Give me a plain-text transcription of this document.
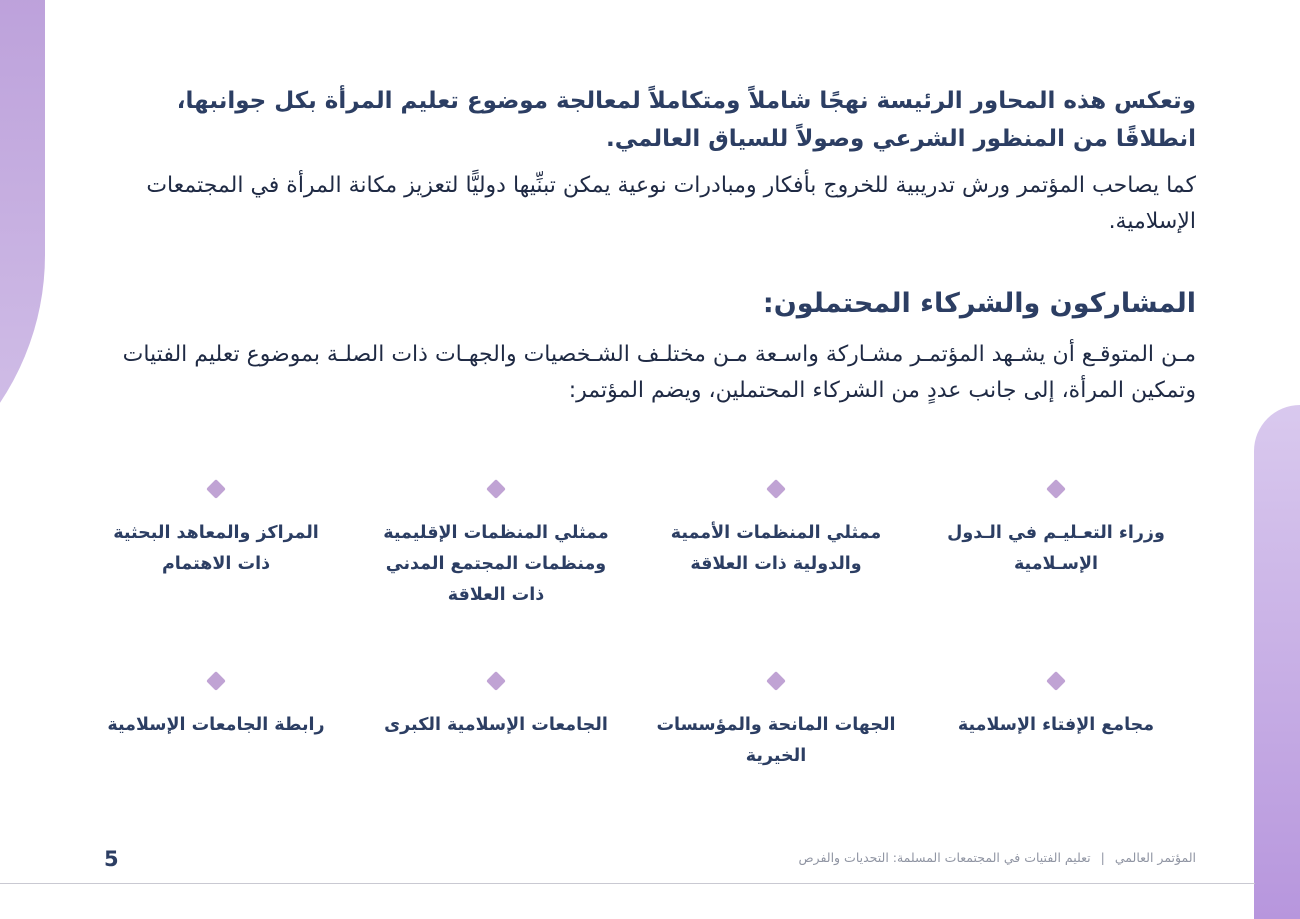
وتعكس هذه المحاور الرئيسة نهجًا شاملاً ومتكاملاً لمعالجة موضوع تعليم المرأة بكل جوانبها، انطلاقًا من المنظور الشرعي وصولاً للسياق العالمي.

كما يصاحب المؤتمر ورش تدريبية للخروج بأفكار ومبادرات نوعية يمكن تبنِّيها دوليًّا لتعزيز مكانة المرأة في المجتمعات الإسلامية.

المشاركون والشركاء المحتملون:

مـن المتوقـع أن يشـهد المؤتمـر مشـاركة واسـعة مـن مختلـف الشـخصيات والجهـات ذات الصلـة بموضوع تعليم الفتيات وتمكين المرأة، إلى جانب عددٍ من الشركاء المحتملين، ويضم المؤتمر:

وزراء التعـليـم في الـدول الإسـلامية
ممثلي المنظمات الأممية والدولية ذات العلاقة
ممثلي المنظمات الإقليمية ومنظمات المجتمع المدني ذات العلاقة
المراكز والمعاهد البحثية ذات الاهتمام
مجامع الإفتاء الإسلامية
الجهات المانحة والمؤسسات الخيرية
الجامعات الإسلامية الكبرى
رابطة الجامعات الإسلامية
المؤتمر العالمي|تعليم الفتيات في المجتمعات المسلمة: التحديات والفرص
5
